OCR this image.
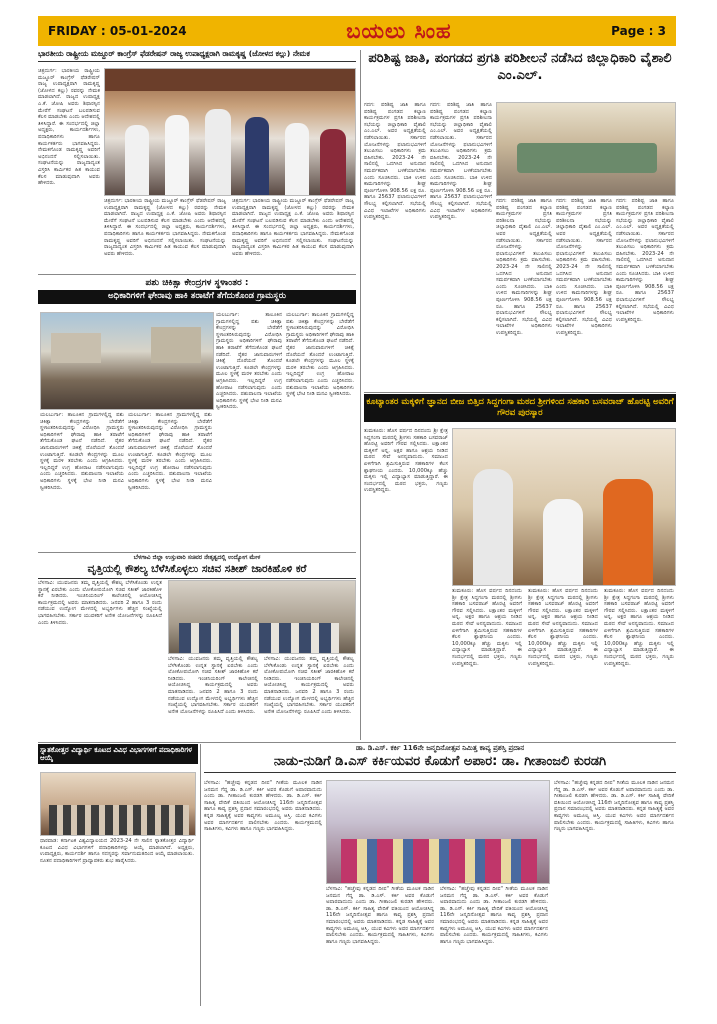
FRIDAY : 05-01-2024	ಬಯಲು ಸಿಂಹ	Page : 3
ಭಾರತೀಯ ರಾಷ್ಟ್ರೀಯ ಮಜ್ದೂರ್ ಕಾಂಗ್ರೆಸ್ ಫೆಡರೇಷನ್ ರಾಜ್ಯ ಉಪಾಧ್ಯಕ್ಷರಾಗಿ ರಾಮಕೃಷ್ಣ (ಜೋಳದ ಕಲ್ಲು) ನೇಮಕ
ಚಿತ್ರದುರ್ಗ: ಭಾರತೀಯ ರಾಷ್ಟ್ರೀಯ ಮಜ್ದೂರ್ ಕಾಂಗ್ರೆಸ್ ಫೆಡರೇಷನ್ ರಾಜ್ಯ ಉಪಾಧ್ಯಕ್ಷರಾಗಿ ರಾಮಕೃಷ್ಣ (ಜೋಳದ ಕಲ್ಲು) ರವರನ್ನು ನೇಮಕ ಮಾಡಲಾಗಿದೆ. ರಾಜ್ಯದ ಉಪಾಧ್ಯಕ್ಷ ಎ.ಕೆ. ಜೋಷಿ ಅವರು ಶಿಫಾರಸ್ಸಿನ ಮೇರೆಗೆ ಸಂಘಟನೆ ಬಲಪಡಿಸುವ ಕೆಲಸ ಮಾಡಬೇಕು ಎಂದು ಆದೇಶದಲ್ಲಿ ತಿಳಿಸಿದ್ದಾರೆ. ಈ ಸಂದರ್ಭದಲ್ಲಿ ಜಿಲ್ಲಾ ಅಧ್ಯಕ್ಷರು, ಕಾರ್ಯದರ್ಶಿಗಳು, ಪದಾಧಿಕಾರಿಗಳು ಹಾಗೂ ಕಾರ್ಯಕರ್ತರು ಭಾಗವಹಿಸಿದ್ದರು. ನೇಮಕಗೊಂಡ ರಾಮಕೃಷ್ಣ ಅವರಿಗೆ ಅಭಿನಂದನೆ ಸಲ್ಲಿಸಲಾಯಿತು. ಸಂಘಟನೆಯನ್ನು ರಾಜ್ಯದಾದ್ಯಂತ ವಿಸ್ತರಿಸಿ ಕಾರ್ಮಿಕರ ಹಿತ ಕಾಯುವ ಕೆಲಸ ಮಾಡುವುದಾಗಿ ಅವರು ಹೇಳಿದರು.
ಚಿತ್ರದುರ್ಗ: ಭಾರತೀಯ ರಾಷ್ಟ್ರೀಯ ಮಜ್ದೂರ್ ಕಾಂಗ್ರೆಸ್ ಫೆಡರೇಷನ್ ರಾಜ್ಯ ಉಪಾಧ್ಯಕ್ಷರಾಗಿ ರಾಮಕೃಷ್ಣ (ಜೋಳದ ಕಲ್ಲು) ರವರನ್ನು ನೇಮಕ ಮಾಡಲಾಗಿದೆ. ರಾಜ್ಯದ ಉಪಾಧ್ಯಕ್ಷ ಎ.ಕೆ. ಜೋಷಿ ಅವರು ಶಿಫಾರಸ್ಸಿನ ಮೇರೆಗೆ ಸಂಘಟನೆ ಬಲಪಡಿಸುವ ಕೆಲಸ ಮಾಡಬೇಕು ಎಂದು ಆದೇಶದಲ್ಲಿ ತಿಳಿಸಿದ್ದಾರೆ. ಈ ಸಂದರ್ಭದಲ್ಲಿ ಜಿಲ್ಲಾ ಅಧ್ಯಕ್ಷರು, ಕಾರ್ಯದರ್ಶಿಗಳು, ಪದಾಧಿಕಾರಿಗಳು ಹಾಗೂ ಕಾರ್ಯಕರ್ತರು ಭಾಗವಹಿಸಿದ್ದರು. ನೇಮಕಗೊಂಡ ರಾಮಕೃಷ್ಣ ಅವರಿಗೆ ಅಭಿನಂದನೆ ಸಲ್ಲಿಸಲಾಯಿತು. ಸಂಘಟನೆಯನ್ನು ರಾಜ್ಯದಾದ್ಯಂತ ವಿಸ್ತರಿಸಿ ಕಾರ್ಮಿಕರ ಹಿತ ಕಾಯುವ ಕೆಲಸ ಮಾಡುವುದಾಗಿ ಅವರು ಹೇಳಿದರು.
ಚಿತ್ರದುರ್ಗ: ಭಾರತೀಯ ರಾಷ್ಟ್ರೀಯ ಮಜ್ದೂರ್ ಕಾಂಗ್ರೆಸ್ ಫೆಡರೇಷನ್ ರಾಜ್ಯ ಉಪಾಧ್ಯಕ್ಷರಾಗಿ ರಾಮಕೃಷ್ಣ (ಜೋಳದ ಕಲ್ಲು) ರವರನ್ನು ನೇಮಕ ಮಾಡಲಾಗಿದೆ. ರಾಜ್ಯದ ಉಪಾಧ್ಯಕ್ಷ ಎ.ಕೆ. ಜೋಷಿ ಅವರು ಶಿಫಾರಸ್ಸಿನ ಮೇರೆಗೆ ಸಂಘಟನೆ ಬಲಪಡಿಸುವ ಕೆಲಸ ಮಾಡಬೇಕು ಎಂದು ಆದೇಶದಲ್ಲಿ ತಿಳಿಸಿದ್ದಾರೆ. ಈ ಸಂದರ್ಭದಲ್ಲಿ ಜಿಲ್ಲಾ ಅಧ್ಯಕ್ಷರು, ಕಾರ್ಯದರ್ಶಿಗಳು, ಪದಾಧಿಕಾರಿಗಳು ಹಾಗೂ ಕಾರ್ಯಕರ್ತರು ಭಾಗವಹಿಸಿದ್ದರು. ನೇಮಕಗೊಂಡ ರಾಮಕೃಷ್ಣ ಅವರಿಗೆ ಅಭಿನಂದನೆ ಸಲ್ಲಿಸಲಾಯಿತು. ಸಂಘಟನೆಯನ್ನು ರಾಜ್ಯದಾದ್ಯಂತ ವಿಸ್ತರಿಸಿ ಕಾರ್ಮಿಕರ ಹಿತ ಕಾಯುವ ಕೆಲಸ ಮಾಡುವುದಾಗಿ ಅವರು ಹೇಳಿದರು.
ಪಶು ಚಿಕಿತ್ಸಾ ಕೇಂದ್ರಗಳ ಸ್ಥಳಾಂತರ :
ಅಧಿಕಾರಿಗಳಿಗೆ ಘೇರಾವು ಹಾಕಿ ತರಾಟೆಗೆ ತೆಗೆದುಕೊಂಡ ಗ್ರಾಮಸ್ಥರು
ಯಲಬುರ್ಗಾ: ತಾಲೂಕಿನ ಗ್ರಾಮಗಳಲ್ಲಿದ್ದ ಪಶು ಚಿಕಿತ್ಸಾ ಕೇಂದ್ರಗಳನ್ನು ಬೇರೆಡೆಗೆ ಸ್ಥಳಾಂತರಿಸಿರುವುದನ್ನು ವಿರೋಧಿಸಿ ಗ್ರಾಮಸ್ಥರು ಅಧಿಕಾರಿಗಳಿಗೆ ಘೇರಾವು ಹಾಕಿ ತರಾಟೆಗೆ ತೆಗೆದುಕೊಂಡ ಘಟನೆ ನಡೆದಿದೆ. ರೈತರ ಜಾನುವಾರುಗಳಿಗೆ ಚಿಕಿತ್ಸೆ ದೊರೆಯದೆ ತೊಂದರೆ ಉಂಟಾಗುತ್ತಿದೆ. ಕೂಡಲೇ ಕೇಂದ್ರಗಳನ್ನು ಮೂಲ ಸ್ಥಳಕ್ಕೆ ಮರಳಿ ತರಬೇಕು ಎಂದು ಆಗ್ರಹಿಸಿದರು. ಇಲ್ಲದಿದ್ದರೆ ಉಗ್ರ ಹೋರಾಟ ನಡೆಸಲಾಗುವುದು ಎಂದು ಎಚ್ಚರಿಸಿದರು. ಪಶುಪಾಲನಾ ಇಲಾಖೆಯ ಅಧಿಕಾರಿಗಳು ಸ್ಥಳಕ್ಕೆ ಭೇಟಿ ನೀಡಿ ಮನವಿ ಸ್ವೀಕರಿಸಿದರು.
ಯಲಬುರ್ಗಾ: ತಾಲೂಕಿನ ಗ್ರಾಮಗಳಲ್ಲಿದ್ದ ಪಶು ಚಿಕಿತ್ಸಾ ಕೇಂದ್ರಗಳನ್ನು ಬೇರೆಡೆಗೆ ಸ್ಥಳಾಂತರಿಸಿರುವುದನ್ನು ವಿರೋಧಿಸಿ ಗ್ರಾಮಸ್ಥರು ಅಧಿಕಾರಿಗಳಿಗೆ ಘೇರಾವು ಹಾಕಿ ತರಾಟೆಗೆ ತೆಗೆದುಕೊಂಡ ಘಟನೆ ನಡೆದಿದೆ. ರೈತರ ಜಾನುವಾರುಗಳಿಗೆ ಚಿಕಿತ್ಸೆ ದೊರೆಯದೆ ತೊಂದರೆ ಉಂಟಾಗುತ್ತಿದೆ. ಕೂಡಲೇ ಕೇಂದ್ರಗಳನ್ನು ಮೂಲ ಸ್ಥಳಕ್ಕೆ ಮರಳಿ ತರಬೇಕು ಎಂದು ಆಗ್ರಹಿಸಿದರು. ಇಲ್ಲದಿದ್ದರೆ ಉಗ್ರ ಹೋರಾಟ ನಡೆಸಲಾಗುವುದು ಎಂದು ಎಚ್ಚರಿಸಿದರು. ಪಶುಪಾಲನಾ ಇಲಾಖೆಯ ಅಧಿಕಾರಿಗಳು ಸ್ಥಳಕ್ಕೆ ಭೇಟಿ ನೀಡಿ ಮನವಿ ಸ್ವೀಕರಿಸಿದರು.
ಯಲಬುರ್ಗಾ: ತಾಲೂಕಿನ ಗ್ರಾಮಗಳಲ್ಲಿದ್ದ ಪಶು ಚಿಕಿತ್ಸಾ ಕೇಂದ್ರಗಳನ್ನು ಬೇರೆಡೆಗೆ ಸ್ಥಳಾಂತರಿಸಿರುವುದನ್ನು ವಿರೋಧಿಸಿ ಗ್ರಾಮಸ್ಥರು ಅಧಿಕಾರಿಗಳಿಗೆ ಘೇರಾವು ಹಾಕಿ ತರಾಟೆಗೆ ತೆಗೆದುಕೊಂಡ ಘಟನೆ ನಡೆದಿದೆ. ರೈತರ ಜಾನುವಾರುಗಳಿಗೆ ಚಿಕಿತ್ಸೆ ದೊರೆಯದೆ ತೊಂದರೆ ಉಂಟಾಗುತ್ತಿದೆ. ಕೂಡಲೇ ಕೇಂದ್ರಗಳನ್ನು ಮೂಲ ಸ್ಥಳಕ್ಕೆ ಮರಳಿ ತರಬೇಕು ಎಂದು ಆಗ್ರಹಿಸಿದರು. ಇಲ್ಲದಿದ್ದರೆ ಉಗ್ರ ಹೋರಾಟ ನಡೆಸಲಾಗುವುದು ಎಂದು ಎಚ್ಚರಿಸಿದರು. ಪಶುಪಾಲನಾ ಇಲಾಖೆಯ ಅಧಿಕಾರಿಗಳು ಸ್ಥಳಕ್ಕೆ ಭೇಟಿ ನೀಡಿ ಮನವಿ ಸ್ವೀಕರಿಸಿದರು.
ಯಲಬುರ್ಗಾ: ತಾಲೂಕಿನ ಗ್ರಾಮಗಳಲ್ಲಿದ್ದ ಪಶು ಚಿಕಿತ್ಸಾ ಕೇಂದ್ರಗಳನ್ನು ಬೇರೆಡೆಗೆ ಸ್ಥಳಾಂತರಿಸಿರುವುದನ್ನು ವಿರೋಧಿಸಿ ಗ್ರಾಮಸ್ಥರು ಅಧಿಕಾರಿಗಳಿಗೆ ಘೇರಾವು ಹಾಕಿ ತರಾಟೆಗೆ ತೆಗೆದುಕೊಂಡ ಘಟನೆ ನಡೆದಿದೆ. ರೈತರ ಜಾನುವಾರುಗಳಿಗೆ ಚಿಕಿತ್ಸೆ ದೊರೆಯದೆ ತೊಂದರೆ ಉಂಟಾಗುತ್ತಿದೆ. ಕೂಡಲೇ ಕೇಂದ್ರಗಳನ್ನು ಮೂಲ ಸ್ಥಳಕ್ಕೆ ಮರಳಿ ತರಬೇಕು ಎಂದು ಆಗ್ರಹಿಸಿದರು. ಇಲ್ಲದಿದ್ದರೆ ಉಗ್ರ ಹೋರಾಟ ನಡೆಸಲಾಗುವುದು ಎಂದು ಎಚ್ಚರಿಸಿದರು. ಪಶುಪಾಲನಾ ಇಲಾಖೆಯ ಅಧಿಕಾರಿಗಳು ಸ್ಥಳಕ್ಕೆ ಭೇಟಿ ನೀಡಿ ಮನವಿ ಸ್ವೀಕರಿಸಿದರು.
ಬೆಳಗಾವಿ ಜಿಲ್ಲಾ ಉಸ್ತುವಾರಿ ಸಚಿವರ ನೇತೃತ್ವದಲ್ಲಿ ಉದ್ಯೋಗ ಮೇಳ
ವೃತ್ತಿಯಲ್ಲಿ ಕೌಶಲ್ಯ ಬೆಳೆಸಿಕೊಳ್ಳಲು ಸಚಿವ ಸತೀಶ್ ಜಾರಕಿಹೊಳಿ ಕರೆ
ಬೆಳಗಾವಿ: ಯುವಜನರು ತಮ್ಮ ವೃತ್ತಿಯಲ್ಲಿ ಕೌಶಲ್ಯ ಬೆಳೆಸಿಕೊಂಡು ಉನ್ನತ ಸ್ಥಾನಕ್ಕೆ ಏರಬೇಕು ಎಂದು ಲೋಕೋಪಯೋಗಿ ಸಚಿವ ಸತೀಶ್ ಜಾರಕಿಹೊಳಿ ಕರೆ ನೀಡಿದರು. ಇಂಜಿನಿಯರಿಂಗ್ ಕಾಲೇಜಿನಲ್ಲಿ ಆಯೋಜಿಸಿದ್ದ ಕಾರ್ಯಕ್ರಮದಲ್ಲಿ ಅವರು ಮಾತನಾಡಿದರು. ಜನವರಿ 2 ಹಾಗೂ 3 ರಂದು ನಡೆಯುವ ಉದ್ಯೋಗ ಮೇಳದಲ್ಲಿ ಅಭ್ಯರ್ಥಿಗಳು ಹೆಚ್ಚಿನ ಸಂಖ್ಯೆಯಲ್ಲಿ ಭಾಗವಹಿಸಬೇಕು. ಸರ್ಕಾರ ಯುವಕರಿಗೆ ಅನೇಕ ಯೋಜನೆಗಳನ್ನು ರೂಪಿಸಿದೆ ಎಂದು ತಿಳಿಸಿದರು.
ಬೆಳಗಾವಿ: ಯುವಜನರು ತಮ್ಮ ವೃತ್ತಿಯಲ್ಲಿ ಕೌಶಲ್ಯ ಬೆಳೆಸಿಕೊಂಡು ಉನ್ನತ ಸ್ಥಾನಕ್ಕೆ ಏರಬೇಕು ಎಂದು ಲೋಕೋಪಯೋಗಿ ಸಚಿವ ಸತೀಶ್ ಜಾರಕಿಹೊಳಿ ಕರೆ ನೀಡಿದರು. ಇಂಜಿನಿಯರಿಂಗ್ ಕಾಲೇಜಿನಲ್ಲಿ ಆಯೋಜಿಸಿದ್ದ ಕಾರ್ಯಕ್ರಮದಲ್ಲಿ ಅವರು ಮಾತನಾಡಿದರು. ಜನವರಿ 2 ಹಾಗೂ 3 ರಂದು ನಡೆಯುವ ಉದ್ಯೋಗ ಮೇಳದಲ್ಲಿ ಅಭ್ಯರ್ಥಿಗಳು ಹೆಚ್ಚಿನ ಸಂಖ್ಯೆಯಲ್ಲಿ ಭಾಗವಹಿಸಬೇಕು. ಸರ್ಕಾರ ಯುವಕರಿಗೆ ಅನೇಕ ಯೋಜನೆಗಳನ್ನು ರೂಪಿಸಿದೆ ಎಂದು ತಿಳಿಸಿದರು.
ಬೆಳಗಾವಿ: ಯುವಜನರು ತಮ್ಮ ವೃತ್ತಿಯಲ್ಲಿ ಕೌಶಲ್ಯ ಬೆಳೆಸಿಕೊಂಡು ಉನ್ನತ ಸ್ಥಾನಕ್ಕೆ ಏರಬೇಕು ಎಂದು ಲೋಕೋಪಯೋಗಿ ಸಚಿವ ಸತೀಶ್ ಜಾರಕಿಹೊಳಿ ಕರೆ ನೀಡಿದರು. ಇಂಜಿನಿಯರಿಂಗ್ ಕಾಲೇಜಿನಲ್ಲಿ ಆಯೋಜಿಸಿದ್ದ ಕಾರ್ಯಕ್ರಮದಲ್ಲಿ ಅವರು ಮಾತನಾಡಿದರು. ಜನವರಿ 2 ಹಾಗೂ 3 ರಂದು ನಡೆಯುವ ಉದ್ಯೋಗ ಮೇಳದಲ್ಲಿ ಅಭ್ಯರ್ಥಿಗಳು ಹೆಚ್ಚಿನ ಸಂಖ್ಯೆಯಲ್ಲಿ ಭಾಗವಹಿಸಬೇಕು. ಸರ್ಕಾರ ಯುವಕರಿಗೆ ಅನೇಕ ಯೋಜನೆಗಳನ್ನು ರೂಪಿಸಿದೆ ಎಂದು ತಿಳಿಸಿದರು.
ಸ್ನಾತಕೋತ್ತರ ವಿದ್ಯಾರ್ಥಿ ಕೂಟದ ವಿವಿಧ ವಿಭಾಗಗಳಿಗೆ ಪದಾಧಿಕಾರಿಗಳ ಆಯ್ಕೆ
ಧಾರವಾಡ: ಕರ್ನಾಟಕ ವಿಶ್ವವಿದ್ಯಾಲಯದ 2023-24 ನೇ ಸಾಲಿನ ಸ್ನಾತಕೋತ್ತರ ವಿದ್ಯಾರ್ಥಿ ಕೂಟದ ವಿವಿಧ ವಿಭಾಗಗಳಿಗೆ ಪದಾಧಿಕಾರಿಗಳನ್ನು ಆಯ್ಕೆ ಮಾಡಲಾಗಿದೆ. ಅಧ್ಯಕ್ಷರು, ಉಪಾಧ್ಯಕ್ಷರು, ಕಾರ್ಯದರ್ಶಿ ಹಾಗೂ ಸದಸ್ಯರನ್ನು ಸರ್ವಾನುಮತದಿಂದ ಆಯ್ಕೆ ಮಾಡಲಾಯಿತು. ನೂತನ ಪದಾಧಿಕಾರಿಗಳಿಗೆ ಪ್ರಾಧ್ಯಾಪಕರು ಶುಭ ಹಾರೈಸಿದರು.
ಪರಿಶಿಷ್ಟ ಜಾತಿ, ಪಂಗಡದ ಪ್ರಗತಿ ಪರಿಶೀಲನೆ ನಡೆಸಿದ ಜಿಲ್ಲಾಧಿಕಾರಿ ವೈಶಾಲಿ ಎಂ.ಎಲ್.
ಗದಗ: ಪರಿಶಿಷ್ಟ ಜಾತಿ ಹಾಗೂ ಪರಿಶಿಷ್ಟ ಪಂಗಡದ ಕಲ್ಯಾಣ ಕಾರ್ಯಕ್ರಮಗಳ ಪ್ರಗತಿ ಪರಿಶೀಲನಾ ಸಭೆಯನ್ನು ಜಿಲ್ಲಾಧಿಕಾರಿ ವೈಶಾಲಿ ಎಂ.ಎಲ್. ಅವರ ಅಧ್ಯಕ್ಷತೆಯಲ್ಲಿ ನಡೆಸಲಾಯಿತು. ಸರ್ಕಾರದ ಯೋಜನೆಗಳನ್ನು ಫಲಾನುಭವಿಗಳಿಗೆ ತಲುಪಿಸಲು ಅಧಿಕಾರಿಗಳು ಕ್ರಮ ವಹಿಸಬೇಕು. 2023-24 ನೇ ಸಾಲಿನಲ್ಲಿ ಒದಗಿಸಿದ ಅನುದಾನ ಸಮರ್ಪಕವಾಗಿ ಬಳಕೆಯಾಗಬೇಕು ಎಂದು ಸೂಚಿಸಿದರು. ಬಾಕಿ ಉಳಿದ ಕಾಮಗಾರಿಗಳನ್ನು ಶೀಘ್ರ ಪೂರ್ಣಗೊಳಿಸಿ 908.56 ಲಕ್ಷ ರೂ. ಹಾಗೂ 25637 ಫಲಾನುಭವಿಗಳಿಗೆ ಸೌಲಭ್ಯ ಕಲ್ಪಿಸಲಾಗಿದೆ. ಸಭೆಯಲ್ಲಿ ವಿವಿಧ ಇಲಾಖೆಗಳ ಅಧಿಕಾರಿಗಳು ಉಪಸ್ಥಿತರಿದ್ದರು.
ಗದಗ: ಪರಿಶಿಷ್ಟ ಜಾತಿ ಹಾಗೂ ಪರಿಶಿಷ್ಟ ಪಂಗಡದ ಕಲ್ಯಾಣ ಕಾರ್ಯಕ್ರಮಗಳ ಪ್ರಗತಿ ಪರಿಶೀಲನಾ ಸಭೆಯನ್ನು ಜಿಲ್ಲಾಧಿಕಾರಿ ವೈಶಾಲಿ ಎಂ.ಎಲ್. ಅವರ ಅಧ್ಯಕ್ಷತೆಯಲ್ಲಿ ನಡೆಸಲಾಯಿತು. ಸರ್ಕಾರದ ಯೋಜನೆಗಳನ್ನು ಫಲಾನುಭವಿಗಳಿಗೆ ತಲುಪಿಸಲು ಅಧಿಕಾರಿಗಳು ಕ್ರಮ ವಹಿಸಬೇಕು. 2023-24 ನೇ ಸಾಲಿನಲ್ಲಿ ಒದಗಿಸಿದ ಅನುದಾನ ಸಮರ್ಪಕವಾಗಿ ಬಳಕೆಯಾಗಬೇಕು ಎಂದು ಸೂಚಿಸಿದರು. ಬಾಕಿ ಉಳಿದ ಕಾಮಗಾರಿಗಳನ್ನು ಶೀಘ್ರ ಪೂರ್ಣಗೊಳಿಸಿ 908.56 ಲಕ್ಷ ರೂ. ಹಾಗೂ 25637 ಫಲಾನುಭವಿಗಳಿಗೆ ಸೌಲಭ್ಯ ಕಲ್ಪಿಸಲಾಗಿದೆ. ಸಭೆಯಲ್ಲಿ ವಿವಿಧ ಇಲಾಖೆಗಳ ಅಧಿಕಾರಿಗಳು ಉಪಸ್ಥಿತರಿದ್ದರು.
ಗದಗ: ಪರಿಶಿಷ್ಟ ಜಾತಿ ಹಾಗೂ ಪರಿಶಿಷ್ಟ ಪಂಗಡದ ಕಲ್ಯಾಣ ಕಾರ್ಯಕ್ರಮಗಳ ಪ್ರಗತಿ ಪರಿಶೀಲನಾ ಸಭೆಯನ್ನು ಜಿಲ್ಲಾಧಿಕಾರಿ ವೈಶಾಲಿ ಎಂ.ಎಲ್. ಅವರ ಅಧ್ಯಕ್ಷತೆಯಲ್ಲಿ ನಡೆಸಲಾಯಿತು. ಸರ್ಕಾರದ ಯೋಜನೆಗಳನ್ನು ಫಲಾನುಭವಿಗಳಿಗೆ ತಲುಪಿಸಲು ಅಧಿಕಾರಿಗಳು ಕ್ರಮ ವಹಿಸಬೇಕು. 2023-24 ನೇ ಸಾಲಿನಲ್ಲಿ ಒದಗಿಸಿದ ಅನುದಾನ ಸಮರ್ಪಕವಾಗಿ ಬಳಕೆಯಾಗಬೇಕು ಎಂದು ಸೂಚಿಸಿದರು. ಬಾಕಿ ಉಳಿದ ಕಾಮಗಾರಿಗಳನ್ನು ಶೀಘ್ರ ಪೂರ್ಣಗೊಳಿಸಿ 908.56 ಲಕ್ಷ ರೂ. ಹಾಗೂ 25637 ಫಲಾನುಭವಿಗಳಿಗೆ ಸೌಲಭ್ಯ ಕಲ್ಪಿಸಲಾಗಿದೆ. ಸಭೆಯಲ್ಲಿ ವಿವಿಧ ಇಲಾಖೆಗಳ ಅಧಿಕಾರಿಗಳು ಉಪಸ್ಥಿತರಿದ್ದರು.
ಗದಗ: ಪರಿಶಿಷ್ಟ ಜಾತಿ ಹಾಗೂ ಪರಿಶಿಷ್ಟ ಪಂಗಡದ ಕಲ್ಯಾಣ ಕಾರ್ಯಕ್ರಮಗಳ ಪ್ರಗತಿ ಪರಿಶೀಲನಾ ಸಭೆಯನ್ನು ಜಿಲ್ಲಾಧಿಕಾರಿ ವೈಶಾಲಿ ಎಂ.ಎಲ್. ಅವರ ಅಧ್ಯಕ್ಷತೆಯಲ್ಲಿ ನಡೆಸಲಾಯಿತು. ಸರ್ಕಾರದ ಯೋಜನೆಗಳನ್ನು ಫಲಾನುಭವಿಗಳಿಗೆ ತಲುಪಿಸಲು ಅಧಿಕಾರಿಗಳು ಕ್ರಮ ವಹಿಸಬೇಕು. 2023-24 ನೇ ಸಾಲಿನಲ್ಲಿ ಒದಗಿಸಿದ ಅನುದಾನ ಸಮರ್ಪಕವಾಗಿ ಬಳಕೆಯಾಗಬೇಕು ಎಂದು ಸೂಚಿಸಿದರು. ಬಾಕಿ ಉಳಿದ ಕಾಮಗಾರಿಗಳನ್ನು ಶೀಘ್ರ ಪೂರ್ಣಗೊಳಿಸಿ 908.56 ಲಕ್ಷ ರೂ. ಹಾಗೂ 25637 ಫಲಾನುಭವಿಗಳಿಗೆ ಸೌಲಭ್ಯ ಕಲ್ಪಿಸಲಾಗಿದೆ. ಸಭೆಯಲ್ಲಿ ವಿವಿಧ ಇಲಾಖೆಗಳ ಅಧಿಕಾರಿಗಳು ಉಪಸ್ಥಿತರಿದ್ದರು.
ಗದಗ: ಪರಿಶಿಷ್ಟ ಜಾತಿ ಹಾಗೂ ಪರಿಶಿಷ್ಟ ಪಂಗಡದ ಕಲ್ಯಾಣ ಕಾರ್ಯಕ್ರಮಗಳ ಪ್ರಗತಿ ಪರಿಶೀಲನಾ ಸಭೆಯನ್ನು ಜಿಲ್ಲಾಧಿಕಾರಿ ವೈಶಾಲಿ ಎಂ.ಎಲ್. ಅವರ ಅಧ್ಯಕ್ಷತೆಯಲ್ಲಿ ನಡೆಸಲಾಯಿತು. ಸರ್ಕಾರದ ಯೋಜನೆಗಳನ್ನು ಫಲಾನುಭವಿಗಳಿಗೆ ತಲುಪಿಸಲು ಅಧಿಕಾರಿಗಳು ಕ್ರಮ ವಹಿಸಬೇಕು. 2023-24 ನೇ ಸಾಲಿನಲ್ಲಿ ಒದಗಿಸಿದ ಅನುದಾನ ಸಮರ್ಪಕವಾಗಿ ಬಳಕೆಯಾಗಬೇಕು ಎಂದು ಸೂಚಿಸಿದರು. ಬಾಕಿ ಉಳಿದ ಕಾಮಗಾರಿಗಳನ್ನು ಶೀಘ್ರ ಪೂರ್ಣಗೊಳಿಸಿ 908.56 ಲಕ್ಷ ರೂ. ಹಾಗೂ 25637 ಫಲಾನುಭವಿಗಳಿಗೆ ಸೌಲಭ್ಯ ಕಲ್ಪಿಸಲಾಗಿದೆ. ಸಭೆಯಲ್ಲಿ ವಿವಿಧ ಇಲಾಖೆಗಳ ಅಧಿಕಾರಿಗಳು ಉಪಸ್ಥಿತರಿದ್ದರು.
ಕೂಟ್ಯಾಂತರ ಮಕ್ಕಳಿಗೆ ಜ್ಞಾನದ ಬೀಜ ಬಿತ್ತಿದ ಸಿದ್ದಗಂಗಾ ಮಠದ ಶ್ರೀಗಳಿಂದ ಸಹಕಾರಿ ಬಸವರಾಜ್ ಹೊರಟ್ಟಿ ಅವರಿಗೆ ಗೌರವ ಪುರಸ್ಕಾರ
ತುಮಕೂರು: ಹೊಸ ವರ್ಷದ ದಿನದಂದು ಶ್ರೀ ಕ್ಷೇತ್ರ ಸಿದ್ದಗಂಗಾ ಮಠದಲ್ಲಿ ಶ್ರೀಗಳು ಸಹಕಾರಿ ಬಸವರಾಜ್ ಹೊರಟ್ಟಿ ಅವರಿಗೆ ಗೌರವ ಸಲ್ಲಿಸಿದರು. ಲಕ್ಷಾಂತರ ಮಕ್ಕಳಿಗೆ ಅನ್ನ, ಅಕ್ಷರ ಹಾಗೂ ಆಶ್ರಯ ನೀಡಿದ ಮಠದ ಸೇವೆ ಅನನ್ಯವಾದುದು. ಸಮಾಜದ ಏಳಿಗೆಗಾಗಿ ಶ್ರಮಿಸುತ್ತಿರುವ ಸಹಕಾರಿಗಳ ಕೆಲಸ ಶ್ಲಾಘನೀಯ ಎಂದರು. 10,000ಕ್ಕೂ ಹೆಚ್ಚು ಮಕ್ಕಳು ಇಲ್ಲಿ ವಿದ್ಯಾಭ್ಯಾಸ ಮಾಡುತ್ತಿದ್ದಾರೆ. ಈ ಸಂದರ್ಭದಲ್ಲಿ ಮಠದ ಭಕ್ತರು, ಗಣ್ಯರು ಉಪಸ್ಥಿತರಿದ್ದರು.
ತುಮಕೂರು: ಹೊಸ ವರ್ಷದ ದಿನದಂದು ಶ್ರೀ ಕ್ಷೇತ್ರ ಸಿದ್ದಗಂಗಾ ಮಠದಲ್ಲಿ ಶ್ರೀಗಳು ಸಹಕಾರಿ ಬಸವರಾಜ್ ಹೊರಟ್ಟಿ ಅವರಿಗೆ ಗೌರವ ಸಲ್ಲಿಸಿದರು. ಲಕ್ಷಾಂತರ ಮಕ್ಕಳಿಗೆ ಅನ್ನ, ಅಕ್ಷರ ಹಾಗೂ ಆಶ್ರಯ ನೀಡಿದ ಮಠದ ಸೇವೆ ಅನನ್ಯವಾದುದು. ಸಮಾಜದ ಏಳಿಗೆಗಾಗಿ ಶ್ರಮಿಸುತ್ತಿರುವ ಸಹಕಾರಿಗಳ ಕೆಲಸ ಶ್ಲಾಘನೀಯ ಎಂದರು. 10,000ಕ್ಕೂ ಹೆಚ್ಚು ಮಕ್ಕಳು ಇಲ್ಲಿ ವಿದ್ಯಾಭ್ಯಾಸ ಮಾಡುತ್ತಿದ್ದಾರೆ. ಈ ಸಂದರ್ಭದಲ್ಲಿ ಮಠದ ಭಕ್ತರು, ಗಣ್ಯರು ಉಪಸ್ಥಿತರಿದ್ದರು.
ತುಮಕೂರು: ಹೊಸ ವರ್ಷದ ದಿನದಂದು ಶ್ರೀ ಕ್ಷೇತ್ರ ಸಿದ್ದಗಂಗಾ ಮಠದಲ್ಲಿ ಶ್ರೀಗಳು ಸಹಕಾರಿ ಬಸವರಾಜ್ ಹೊರಟ್ಟಿ ಅವರಿಗೆ ಗೌರವ ಸಲ್ಲಿಸಿದರು. ಲಕ್ಷಾಂತರ ಮಕ್ಕಳಿಗೆ ಅನ್ನ, ಅಕ್ಷರ ಹಾಗೂ ಆಶ್ರಯ ನೀಡಿದ ಮಠದ ಸೇವೆ ಅನನ್ಯವಾದುದು. ಸಮಾಜದ ಏಳಿಗೆಗಾಗಿ ಶ್ರಮಿಸುತ್ತಿರುವ ಸಹಕಾರಿಗಳ ಕೆಲಸ ಶ್ಲಾಘನೀಯ ಎಂದರು. 10,000ಕ್ಕೂ ಹೆಚ್ಚು ಮಕ್ಕಳು ಇಲ್ಲಿ ವಿದ್ಯಾಭ್ಯಾಸ ಮಾಡುತ್ತಿದ್ದಾರೆ. ಈ ಸಂದರ್ಭದಲ್ಲಿ ಮಠದ ಭಕ್ತರು, ಗಣ್ಯರು ಉಪಸ್ಥಿತರಿದ್ದರು.
ತುಮಕೂರು: ಹೊಸ ವರ್ಷದ ದಿನದಂದು ಶ್ರೀ ಕ್ಷೇತ್ರ ಸಿದ್ದಗಂಗಾ ಮಠದಲ್ಲಿ ಶ್ರೀಗಳು ಸಹಕಾರಿ ಬಸವರಾಜ್ ಹೊರಟ್ಟಿ ಅವರಿಗೆ ಗೌರವ ಸಲ್ಲಿಸಿದರು. ಲಕ್ಷಾಂತರ ಮಕ್ಕಳಿಗೆ ಅನ್ನ, ಅಕ್ಷರ ಹಾಗೂ ಆಶ್ರಯ ನೀಡಿದ ಮಠದ ಸೇವೆ ಅನನ್ಯವಾದುದು. ಸಮಾಜದ ಏಳಿಗೆಗಾಗಿ ಶ್ರಮಿಸುತ್ತಿರುವ ಸಹಕಾರಿಗಳ ಕೆಲಸ ಶ್ಲಾಘನೀಯ ಎಂದರು. 10,000ಕ್ಕೂ ಹೆಚ್ಚು ಮಕ್ಕಳು ಇಲ್ಲಿ ವಿದ್ಯಾಭ್ಯಾಸ ಮಾಡುತ್ತಿದ್ದಾರೆ. ಈ ಸಂದರ್ಭದಲ್ಲಿ ಮಠದ ಭಕ್ತರು, ಗಣ್ಯರು ಉಪಸ್ಥಿತರಿದ್ದರು.
ಡಾ. ಡಿ.ಎಸ್. ಕರ್ಕಿ 116ನೇ ಜನ್ಮದಿನೋತ್ಸವ ನಿಮಿತ್ತ ಕಾವ್ಯ ಪ್ರಶಸ್ತಿ ಪ್ರದಾನ
ನಾಡು-ನುಡಿಗೆ ಡಿ.ಎಸ್ ಕರ್ಕಿಯವರ ಕೊಡುಗೆ ಅಪಾರ: ಡಾ. ಗೀತಾಂಜಲಿ ಕುರಡಗಿ
ಬೆಳಗಾವಿ: "ಹಚ್ಚೇವು ಕನ್ನಡದ ದೀಪ" ಗೀತೆಯ ಮೂಲಕ ನಾಡಿನ ಜನಮನ ಗೆದ್ದ ಡಾ. ಡಿ.ಎಸ್. ಕರ್ಕಿ ಅವರ ಕೊಡುಗೆ ಅಪಾರವಾದುದು ಎಂದು ಡಾ. ಗೀತಾಂಜಲಿ ಕುರಡಗಿ ಹೇಳಿದರು. ಡಾ. ಡಿ.ಎಸ್. ಕರ್ಕಿ ಸಾಹಿತ್ಯ ವೇದಿಕೆ ವತಿಯಿಂದ ಆಯೋಜಿಸಿದ್ದ 116ನೇ ಜನ್ಮದಿನೋತ್ಸವ ಹಾಗೂ ಕಾವ್ಯ ಪ್ರಶಸ್ತಿ ಪ್ರದಾನ ಸಮಾರಂಭದಲ್ಲಿ ಅವರು ಮಾತನಾಡಿದರು. ಕನ್ನಡ ಸಾಹಿತ್ಯಕ್ಕೆ ಅವರ ಕಾವ್ಯಗಳು ಅಮೂಲ್ಯ ಆಸ್ತಿ. ಯುವ ಕವಿಗಳು ಅವರ ಮಾರ್ಗದರ್ಶನ ಪಾಲಿಸಬೇಕು ಎಂದರು. ಕಾರ್ಯಕ್ರಮದಲ್ಲಿ ಸಾಹಿತಿಗಳು, ಕವಿಗಳು ಹಾಗೂ ಗಣ್ಯರು ಭಾಗವಹಿಸಿದ್ದರು.
ಬೆಳಗಾವಿ: "ಹಚ್ಚೇವು ಕನ್ನಡದ ದೀಪ" ಗೀತೆಯ ಮೂಲಕ ನಾಡಿನ ಜನಮನ ಗೆದ್ದ ಡಾ. ಡಿ.ಎಸ್. ಕರ್ಕಿ ಅವರ ಕೊಡುಗೆ ಅಪಾರವಾದುದು ಎಂದು ಡಾ. ಗೀತಾಂಜಲಿ ಕುರಡಗಿ ಹೇಳಿದರು. ಡಾ. ಡಿ.ಎಸ್. ಕರ್ಕಿ ಸಾಹಿತ್ಯ ವೇದಿಕೆ ವತಿಯಿಂದ ಆಯೋಜಿಸಿದ್ದ 116ನೇ ಜನ್ಮದಿನೋತ್ಸವ ಹಾಗೂ ಕಾವ್ಯ ಪ್ರಶಸ್ತಿ ಪ್ರದಾನ ಸಮಾರಂಭದಲ್ಲಿ ಅವರು ಮಾತನಾಡಿದರು. ಕನ್ನಡ ಸಾಹಿತ್ಯಕ್ಕೆ ಅವರ ಕಾವ್ಯಗಳು ಅಮೂಲ್ಯ ಆಸ್ತಿ. ಯುವ ಕವಿಗಳು ಅವರ ಮಾರ್ಗದರ್ಶನ ಪಾಲಿಸಬೇಕು ಎಂದರು. ಕಾರ್ಯಕ್ರಮದಲ್ಲಿ ಸಾಹಿತಿಗಳು, ಕವಿಗಳು ಹಾಗೂ ಗಣ್ಯರು ಭಾಗವಹಿಸಿದ್ದರು.
ಬೆಳಗಾವಿ: "ಹಚ್ಚೇವು ಕನ್ನಡದ ದೀಪ" ಗೀತೆಯ ಮೂಲಕ ನಾಡಿನ ಜನಮನ ಗೆದ್ದ ಡಾ. ಡಿ.ಎಸ್. ಕರ್ಕಿ ಅವರ ಕೊಡುಗೆ ಅಪಾರವಾದುದು ಎಂದು ಡಾ. ಗೀತಾಂಜಲಿ ಕುರಡಗಿ ಹೇಳಿದರು. ಡಾ. ಡಿ.ಎಸ್. ಕರ್ಕಿ ಸಾಹಿತ್ಯ ವೇದಿಕೆ ವತಿಯಿಂದ ಆಯೋಜಿಸಿದ್ದ 116ನೇ ಜನ್ಮದಿನೋತ್ಸವ ಹಾಗೂ ಕಾವ್ಯ ಪ್ರಶಸ್ತಿ ಪ್ರದಾನ ಸಮಾರಂಭದಲ್ಲಿ ಅವರು ಮಾತನಾಡಿದರು. ಕನ್ನಡ ಸಾಹಿತ್ಯಕ್ಕೆ ಅವರ ಕಾವ್ಯಗಳು ಅಮೂಲ್ಯ ಆಸ್ತಿ. ಯುವ ಕವಿಗಳು ಅವರ ಮಾರ್ಗದರ್ಶನ ಪಾಲಿಸಬೇಕು ಎಂದರು. ಕಾರ್ಯಕ್ರಮದಲ್ಲಿ ಸಾಹಿತಿಗಳು, ಕವಿಗಳು ಹಾಗೂ ಗಣ್ಯರು ಭಾಗವಹಿಸಿದ್ದರು.
ಬೆಳಗಾವಿ: "ಹಚ್ಚೇವು ಕನ್ನಡದ ದೀಪ" ಗೀತೆಯ ಮೂಲಕ ನಾಡಿನ ಜನಮನ ಗೆದ್ದ ಡಾ. ಡಿ.ಎಸ್. ಕರ್ಕಿ ಅವರ ಕೊಡುಗೆ ಅಪಾರವಾದುದು ಎಂದು ಡಾ. ಗೀತಾಂಜಲಿ ಕುರಡಗಿ ಹೇಳಿದರು. ಡಾ. ಡಿ.ಎಸ್. ಕರ್ಕಿ ಸಾಹಿತ್ಯ ವೇದಿಕೆ ವತಿಯಿಂದ ಆಯೋಜಿಸಿದ್ದ 116ನೇ ಜನ್ಮದಿನೋತ್ಸವ ಹಾಗೂ ಕಾವ್ಯ ಪ್ರಶಸ್ತಿ ಪ್ರದಾನ ಸಮಾರಂಭದಲ್ಲಿ ಅವರು ಮಾತನಾಡಿದರು. ಕನ್ನಡ ಸಾಹಿತ್ಯಕ್ಕೆ ಅವರ ಕಾವ್ಯಗಳು ಅಮೂಲ್ಯ ಆಸ್ತಿ. ಯುವ ಕವಿಗಳು ಅವರ ಮಾರ್ಗದರ್ಶನ ಪಾಲಿಸಬೇಕು ಎಂದರು. ಕಾರ್ಯಕ್ರಮದಲ್ಲಿ ಸಾಹಿತಿಗಳು, ಕವಿಗಳು ಹಾಗೂ ಗಣ್ಯರು ಭಾಗವಹಿಸಿದ್ದರು.
